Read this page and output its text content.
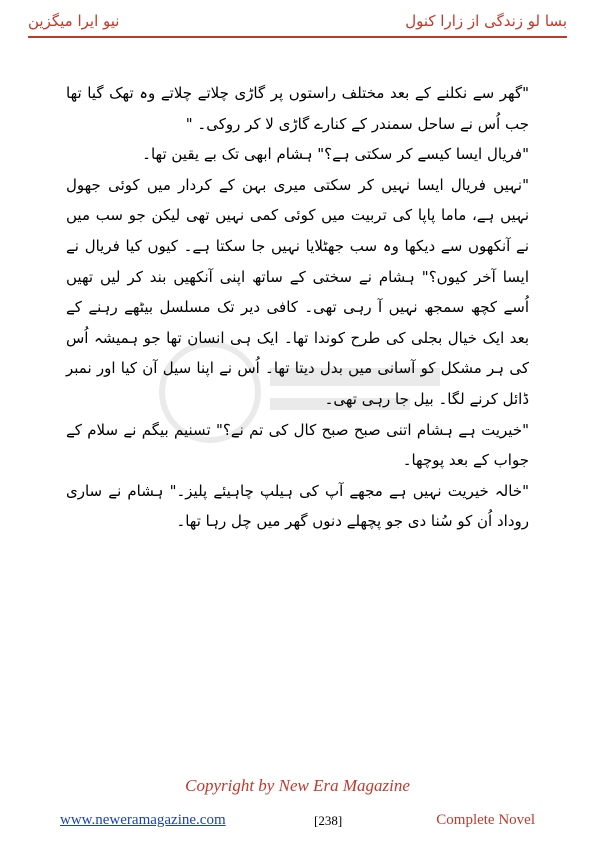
نیو ایرا میگزین	بسا لو زندگی از زارا کنول

"گھر سے نکلنے کے بعد مختلف راستوں پر گاڑی چلاتے چلاتے وہ تھک گیا تھا جب اُس نے ساحل سمندر کے کنارے گاڑی لا کر روکی۔ "

"فریال ایسا کیسے کر سکتی ہے؟" ہشام ابھی تک بے یقین تھا۔

"نہیں فریال ایسا نہیں کر سکتی میری بہن کے کردار میں کوئی جھول نہیں ہے، ماما پاپا کی تربیت میں کوئی کمی نہیں تھی لیکن جو سب میں نے آنکھوں سے دیکھا وہ سب جھٹلایا نہیں جا سکتا ہے۔ کیوں کیا فریال نے ایسا آخر کیوں؟" ہشام نے سختی کے ساتھ اپنی آنکھیں بند کر لیں تھیں اُسے کچھ سمجھ نہیں آ رہی تھی۔ کافی دیر تک مسلسل بیٹھے رہنے کے بعد ایک خیال بجلی کی طرح کوندا تھا۔ ایک ہی انسان تھا جو ہمیشہ اُس کی ہر مشکل کو آسانی میں بدل دیتا تھا۔ اُس نے اپنا سیل آن کیا اور نمبر ڈائل کرنے لگا۔ بیل جا رہی تھی۔

"خیریت ہے ہشام اتنی صبح صبح کال کی تم نے؟" تسنیم بیگم نے سلام کے جواب کے بعد پوچھا۔

"خالہ خیریت نہیں ہے مجھے آپ کی ہیلپ چاہیئے پلیز۔" ہشام نے ساری روداد اُن کو سُنا دی جو پچھلے دنوں گھر میں چل رہا تھا۔

Copyright by New Era Magazine
www.neweramagazine.com	[238]	Complete Novel
